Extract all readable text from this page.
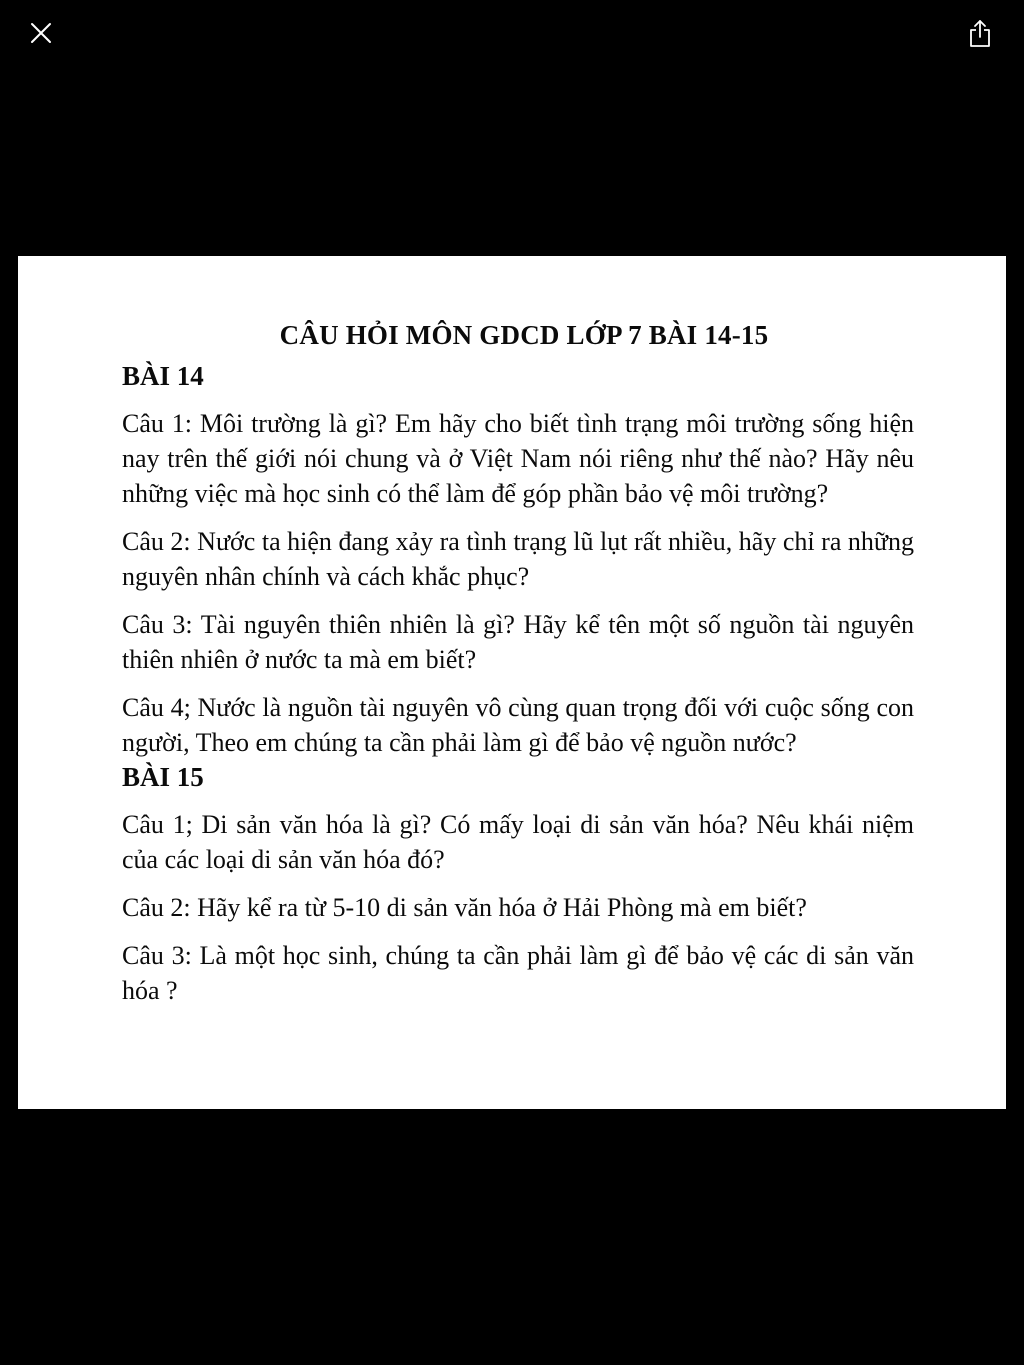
CÂU HỎI MÔN GDCD LỚP 7 BÀI 14-15
BÀI 14

Câu 1: Môi trường là gì? Em hãy cho biết tình trạng môi trường sống hiện nay trên thế giới nói chung và ở Việt Nam nói riêng như thế nào? Hãy nêu những việc mà học sinh có thể làm để góp phần bảo vệ môi trường?

Câu 2: Nước ta hiện đang xảy ra tình trạng lũ lụt rất nhiều, hãy chỉ ra những nguyên nhân chính và cách khắc phục?

Câu 3: Tài nguyên thiên nhiên là gì? Hãy kể tên một số nguồn tài nguyên thiên nhiên ở nước ta mà em biết?

Câu 4; Nước là nguồn tài nguyên vô cùng quan trọng đối với cuộc sống con người, Theo em chúng ta cần phải làm gì để bảo vệ nguồn nước?

BÀI 15

Câu 1; Di sản văn hóa là gì? Có mấy loại di sản văn hóa? Nêu khái niệm của các loại di sản văn hóa đó?

Câu 2: Hãy kể ra từ 5-10 di sản văn hóa ở Hải Phòng mà em biết?

Câu 3: Là một học sinh, chúng ta cần phải làm gì để bảo vệ các di sản văn hóa ?
